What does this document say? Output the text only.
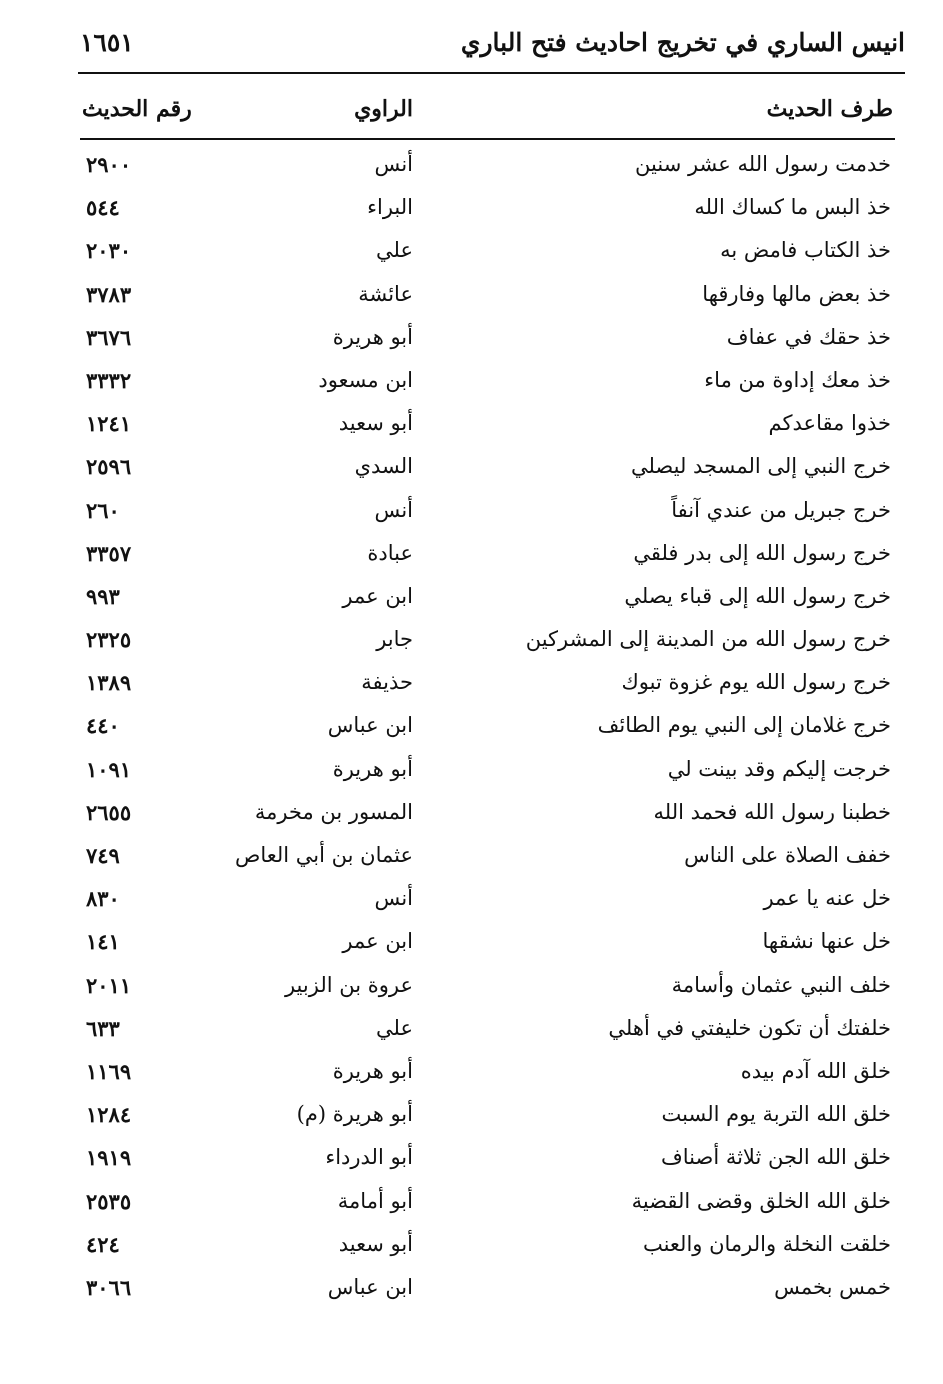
انيس الساري في تخريج احاديث فتح الباري
١٦٥١
طرف الحديث
الراوي
رقم الحديث
خدمت رسول الله عشر سنين
أنس
٢٩٠٠
خذ البس ما كساك الله
البراء
٥٤٤
خذ الكتاب فامض به
علي
٢٠٣٠
خذ بعض مالها وفارقها
عائشة
٣٧٨٣
خذ حقك في عفاف
أبو هريرة
٣٦٧٦
خذ معك إداوة من ماء
ابن مسعود
٣٣٣٢
خذوا مقاعدكم
أبو سعيد
١٢٤١
خرج النبي إلى المسجد ليصلي
السدي
٢٥٩٦
خرج جبريل من عندي آنفاً
أنس
٢٦٠
خرج رسول الله إلى بدر فلقي
عبادة
٣٣٥٧
خرج رسول الله إلى قباء يصلي
ابن عمر
٩٩٣
خرج رسول الله من المدينة إلى المشركين
جابر
٢٣٢٥
خرج رسول الله يوم غزوة تبوك
حذيفة
١٣٨٩
خرج غلامان إلى النبي يوم الطائف
ابن عباس
٤٤٠
خرجت إليكم وقد بينت لي
أبو هريرة
١٠٩١
خطبنا رسول الله فحمد الله
المسور بن مخرمة
٢٦٥٥
خفف الصلاة على الناس
عثمان بن أبي العاص
٧٤٩
خل عنه يا عمر
أنس
٨٣٠
خل عنها نشقها
ابن عمر
١٤١
خلف النبي عثمان وأسامة
عروة بن الزبير
٢٠١١
خلفتك أن تكون خليفتي في أهلي
علي
٦٣٣
خلق الله آدم بيده
أبو هريرة
١١٦٩
خلق الله التربة يوم السبت
أبو هريرة (م)
١٢٨٤
خلق الله الجن ثلاثة أصناف
أبو الدرداء
١٩١٩
خلق الله الخلق وقضى القضية
أبو أمامة
٢٥٣٥
خلقت النخلة والرمان والعنب
أبو سعيد
٤٢٤
خمس بخمس
ابن عباس
٣٠٦٦
